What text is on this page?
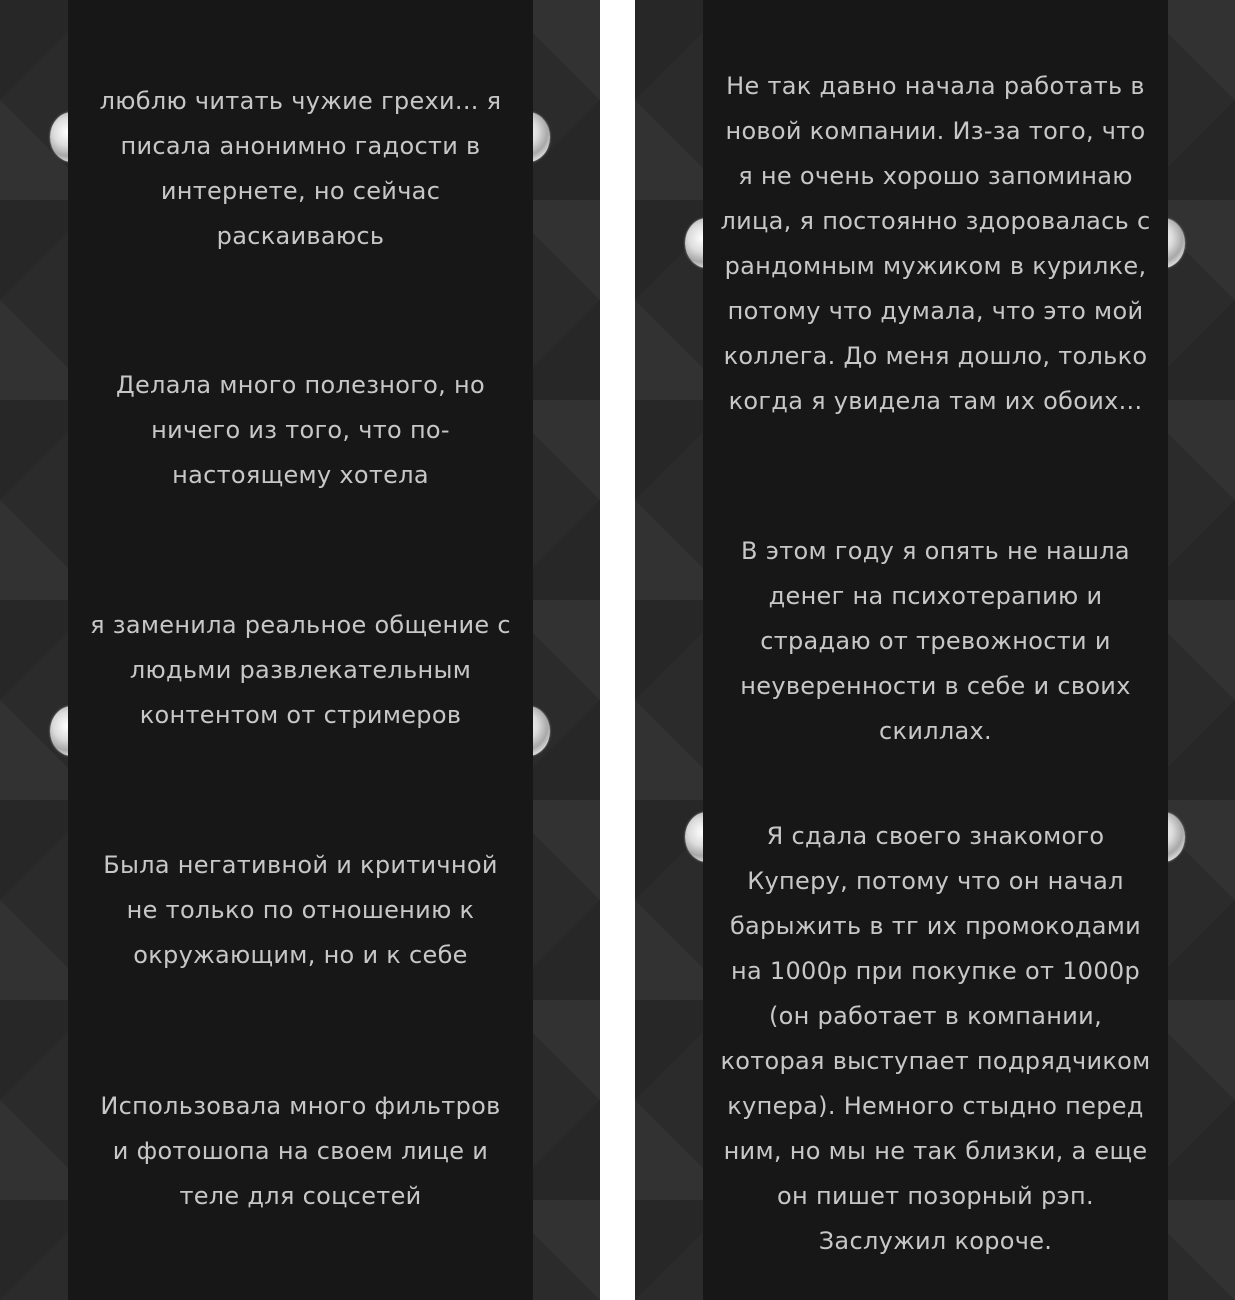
люблю читать чужие грехи... я писала анонимно гадости в интернете, но сейчас раскаиваюсь

Делала много полезного, но ничего из того, что по-настоящему хотела

я заменила реальное общение с людьми развлекательным контентом от стримеров

Была негативной и критичной не только по отношению к окружающим, но и к себе

Использовала много фильтров и фотошопа на своем лице и теле для соцсетей

Не так давно начала работать в новой компании. Из-за того, что я не очень хорошо запоминаю лица, я постоянно здоровалась с рандомным мужиком в курилке, потому что думала, что это мой коллега. До меня дошло, только когда я увидела там их обоих...

В этом году я опять не нашла денег на психотерапию и страдаю от тревожности и неуверенности в себе и своих скиллах.

Я сдала своего знакомого Куперу, потому что он начал барыжить в тг их промокодами на 1000р при покупке от 1000р (он работает в компании, которая выступает подрядчиком купера). Немного стыдно перед ним, но мы не так близки, а еще он пишет позорный рэп. Заслужил короче.
